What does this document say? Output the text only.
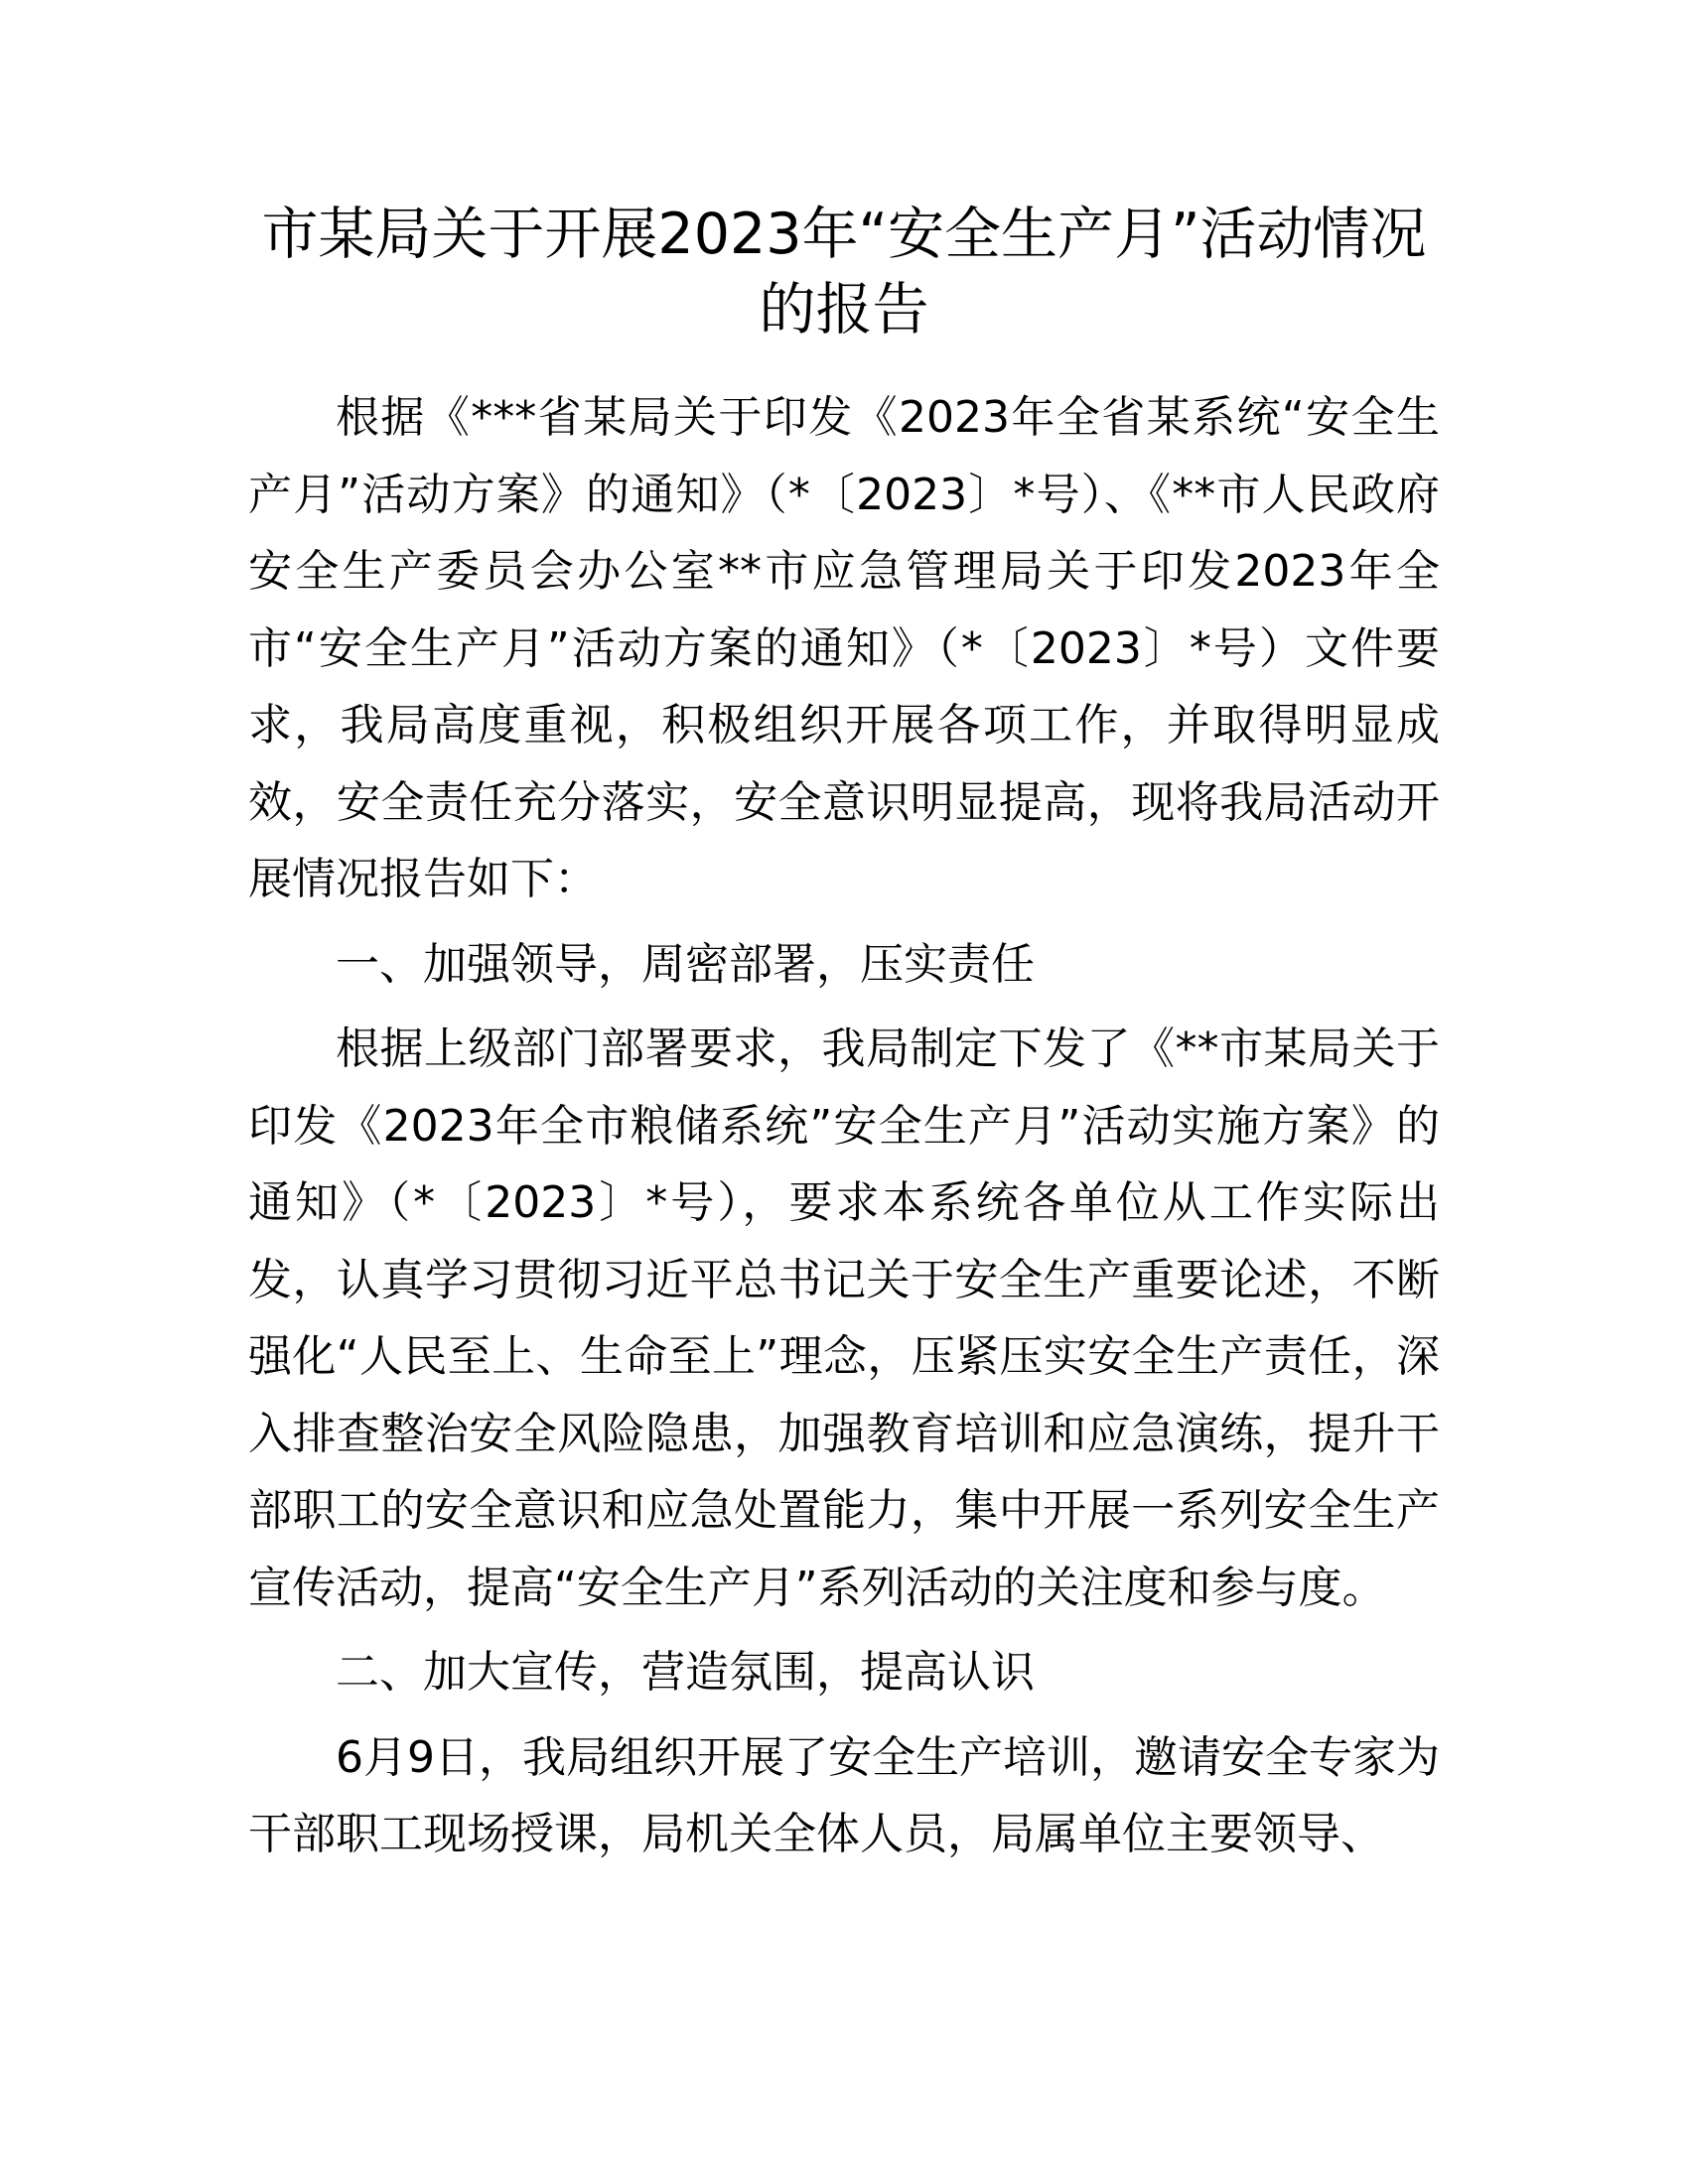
市某局关于开展2023年“安全生产月”活动情况的报告

根据《***省某局关于印发《2023年全省某系统“安全生产月”活动方案》的通知》（*〔2023〕*号）、《**市人民政府安全生产委员会办公室**市应急管理局关于印发2023年全市“安全生产月”活动方案的通知》（*〔2023〕*号）文件要求，我局高度重视，积极组织开展各项工作，并取得明显成效，安全责任充分落实，安全意识明显提高，现将我局活动开展情况报告如下：

一、加强领导，周密部署，压实责任

根据上级部门部署要求，我局制定下发了《**市某局关于印发《2023年全市粮储系统”安全生产月”活动实施方案》的通知》（*〔2023〕*号），要求本系统各单位从工作实际出发，认真学习贯彻习近平总书记关于安全生产重要论述，不断强化“人民至上、生命至上”理念，压紧压实安全生产责任，深入排查整治安全风险隐患，加强教育培训和应急演练，提升干部职工的安全意识和应急处置能力，集中开展一系列安全生产宣传活动，提高“安全生产月”系列活动的关注度和参与度。

二、加大宣传，营造氛围，提高认识

6月9日，我局组织开展了安全生产培训，邀请安全专家为干部职工现场授课，局机关全体人员，局属单位主要领导、
